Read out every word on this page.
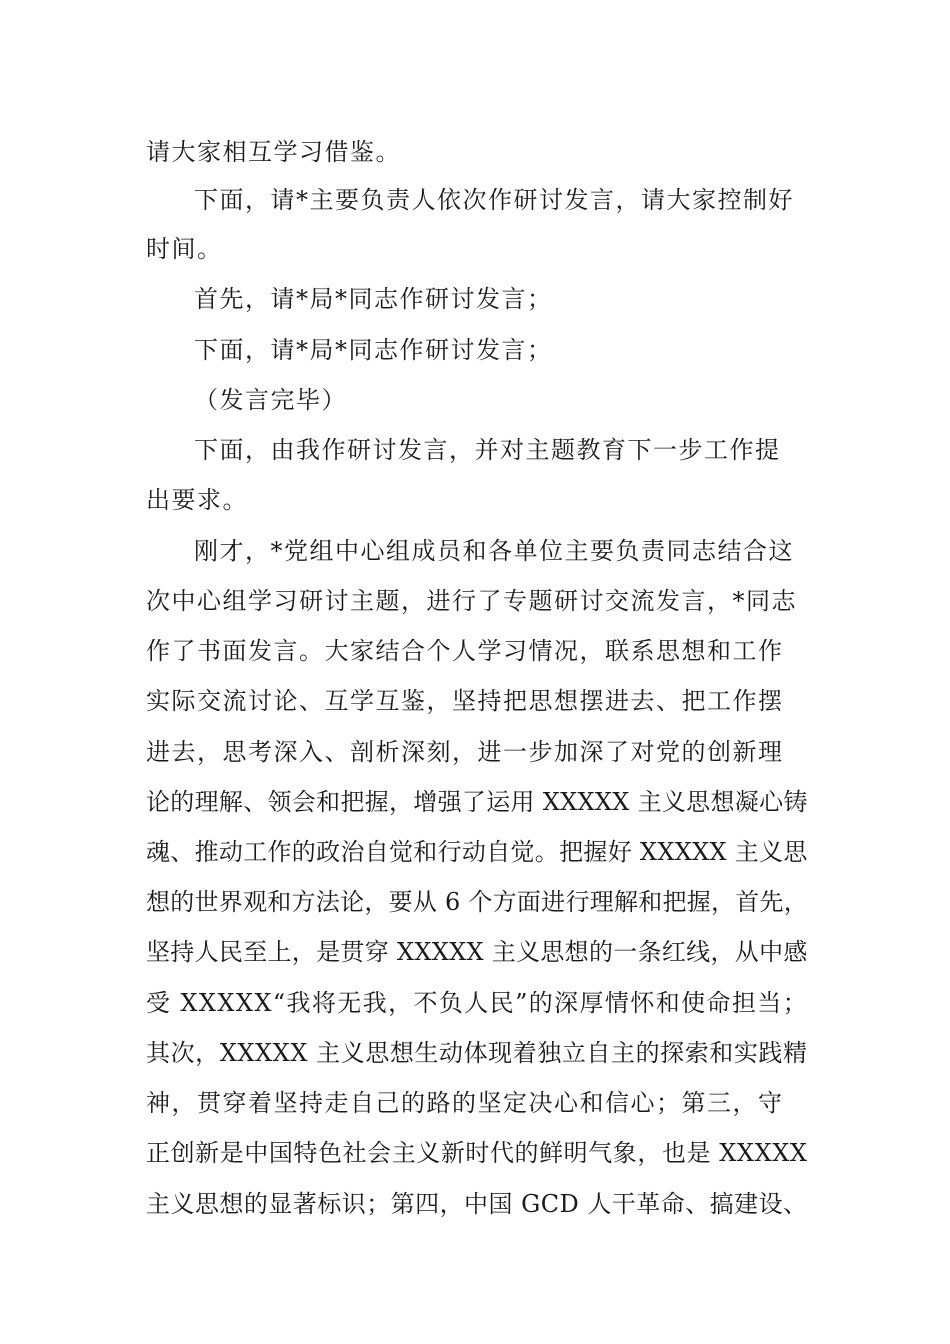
请大家相互学习借鉴。
下面，请*主要负责人依次作研讨发言，请大家控制好
时间。
首先，请*局*同志作研讨发言；
下面，请*局*同志作研讨发言；
（发言完毕）
下面，由我作研讨发言，并对主题教育下一步工作提
出要求。
刚才，*党组中心组成员和各单位主要负责同志结合这
次中心组学习研讨主题，进行了专题研讨交流发言，*同志
作了书面发言。大家结合个人学习情况，联系思想和工作
实际交流讨论、互学互鉴，坚持把思想摆进去、把工作摆
进去，思考深入、剖析深刻，进一步加深了对党的创新理
论的理解、领会和把握，增强了运用 XXXXX 主义思想凝心铸
魂、推动工作的政治自觉和行动自觉。把握好 XXXXX 主义思
想的世界观和方法论，要从 6 个方面进行理解和把握，首先，
坚持人民至上，是贯穿 XXXXX 主义思想的一条红线，从中感
受 XXXXX“我将无我，不负人民”的深厚情怀和使命担当；
其次，XXXXX 主义思想生动体现着独立自主的探索和实践精
神，贯穿着坚持走自己的路的坚定决心和信心；第三，守
正创新是中国特色社会主义新时代的鲜明气象，也是 XXXXX
主义思想的显著标识；第四，中国 GCD 人干革命、搞建设、
